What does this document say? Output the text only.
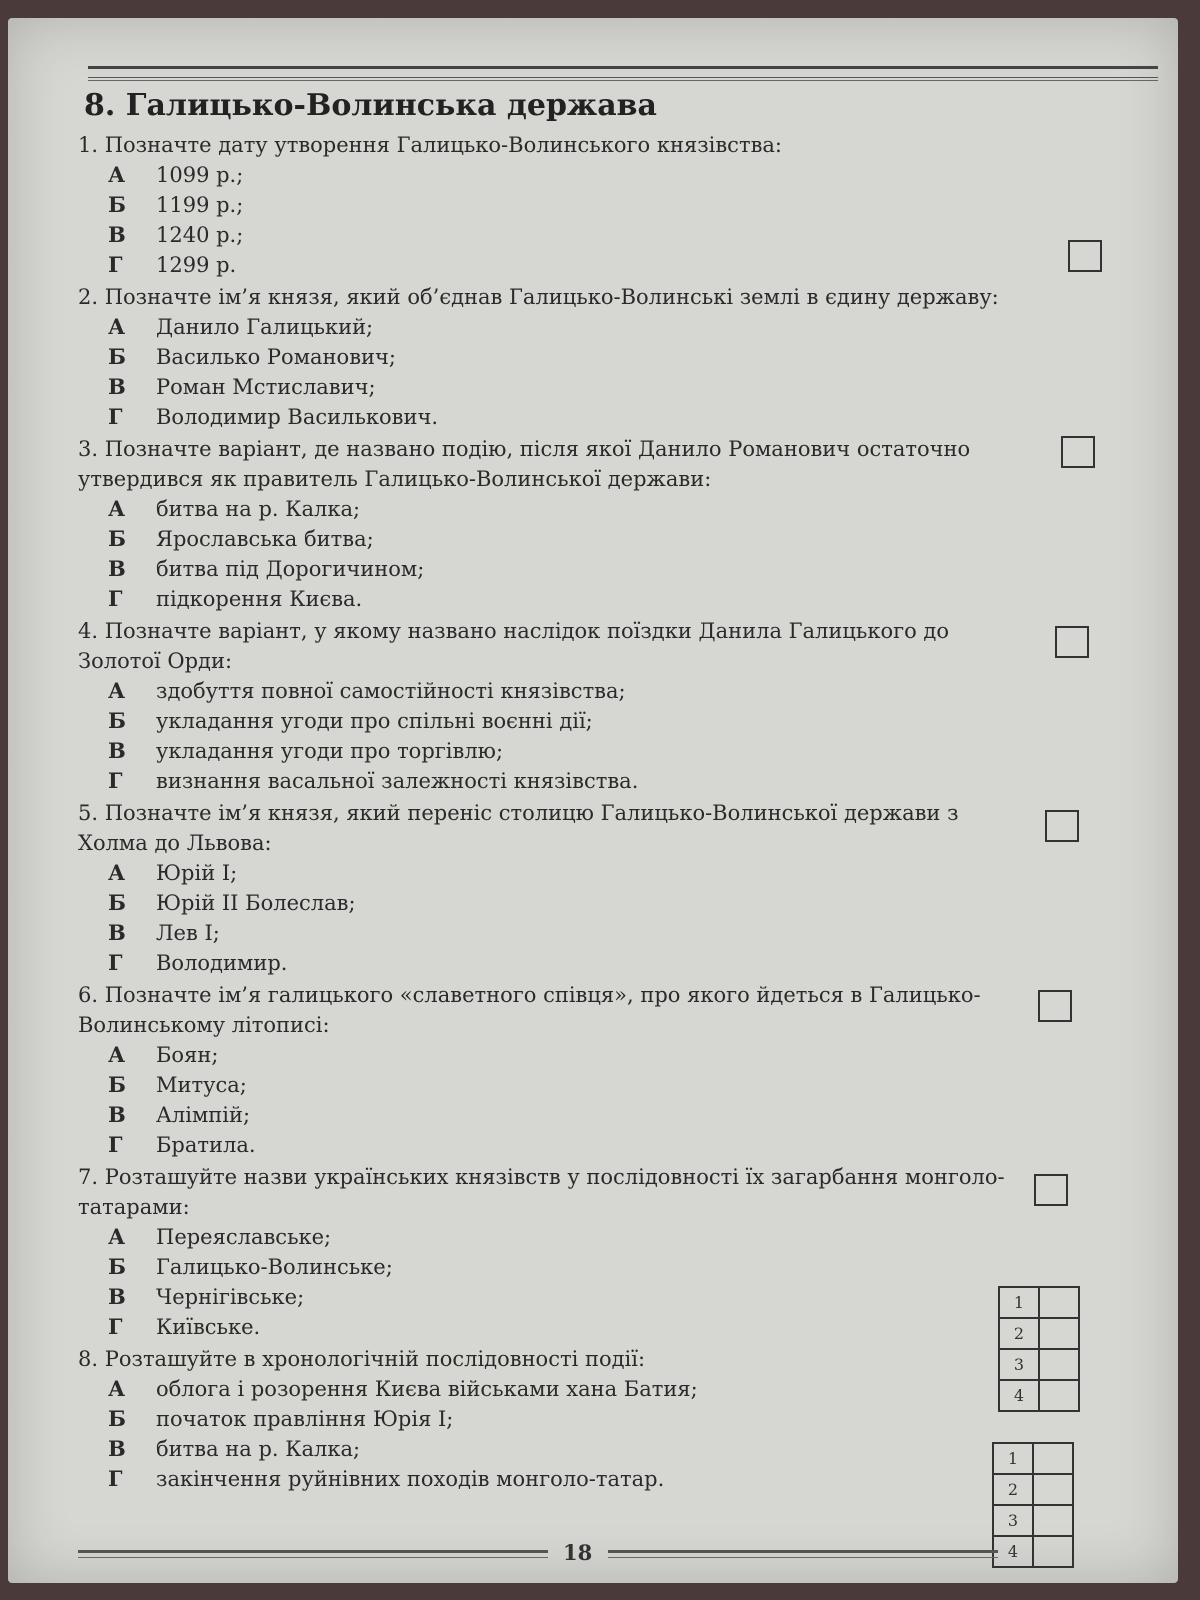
8. Галицько-Волинська держава
1. Позначте дату утворення Галицько-Волинського князівства:
А	1099 р.;
Б	1199 р.;
В	1240 р.;
Г	1299 р.
2. Позначте ім’я князя, який об’єднав Галицько-Волинські землі в єдину державу:
А	Данило Галицький;
Б	Василько Романович;
В	Роман Мстиславич;
Г	Володимир Василькович.
3. Позначте варіант, де названо подію, після якої Данило Романович остаточно утвердився як правитель Галицько-Волинської держави:
А	битва на р. Калка;
Б	Ярославська битва;
В	битва під Дорогичином;
Г	підкорення Києва.
4. Позначте варіант, у якому названо наслідок поїздки Данила Галицького до Золотої Орди:
А	здобуття повної самостійності князівства;
Б	укладання угоди про спільні воєнні дії;
В	укладання угоди про торгівлю;
Г	визнання васальної залежності князівства.
5. Позначте ім’я князя, який переніс столицю Галицько-Волинської держави з Холма до Львова:
А	Юрій I;
Б	Юрій II Болеслав;
В	Лев I;
Г	Володимир.
6. Позначте ім’я галицького «славетного співця», про якого йдеться в Галицько-Волинському літописі:
А	Боян;
Б	Митуса;
В	Алімпій;
Г	Братила.
7. Розташуйте назви українських князівств у послідовності їх загарбання монголо-татарами:
А	Переяславське;
Б	Галицько-Волинське;
В	Чернігівське;
Г	Київське.
8. Розташуйте в хронологічній послідовності події:
А	облога і розорення Києва військами хана Батия;
Б	початок правління Юрія I;
В	битва на р. Калка;
Г	закінчення руйнівних походів монголо-татар.
1	
2	
3	
4	
1	
2	
3	
4	
18
